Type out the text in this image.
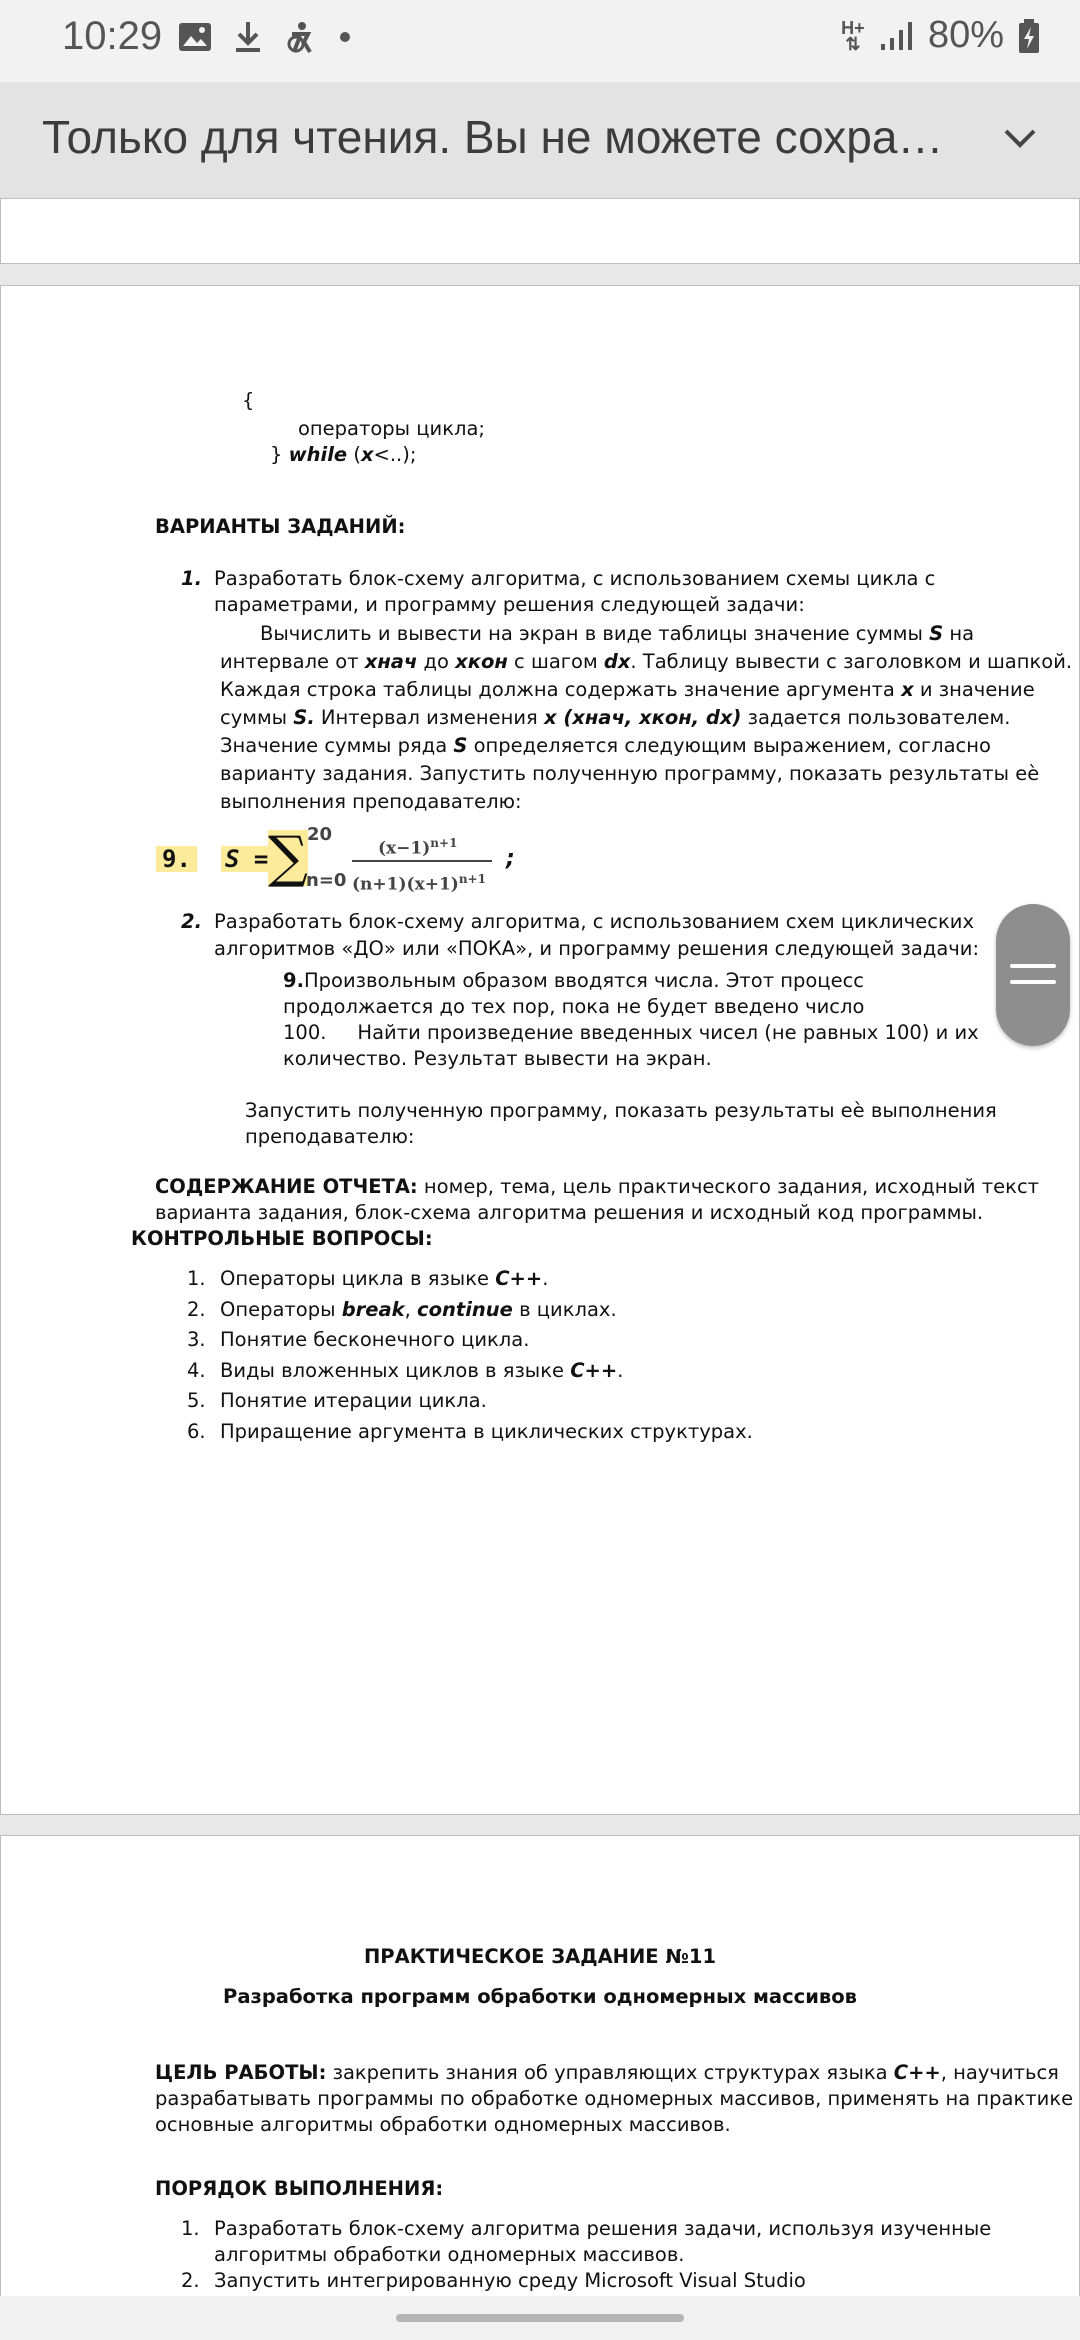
10:29	H+
⇅ 80%
Только для чтения. Вы не можете сохра…
{
операторы цикла;
} while (x<..);
ВАРИАНТЫ ЗАДАНИЙ:
1. Разработать блок-схему алгоритма, с использованием схемы цикла с
параметрами, и программу решения следующей задачи:
Вычислить и вывести на экран в виде таблицы значение суммы S на
интервале от xнач до xкон с шагом dx. Таблицу вывести с заголовком и шапкой.
Каждая строка таблицы должна содержать значение аргумента x и значение
суммы S. Интервал изменения x (xнач, xкон, dx) задается пользователем.
Значение суммы ряда S определяется следующим выражением, согласно
варианту задания. Запустить полученную программу, показать результаты еѐ
выполнения преподавателю:
9. S = ∑ 20
n=0
$(x-1)^{n+1}$
$(n+1)(x+1)^{n+1}$
;
2. Разработать блок-схему алгоритма, с использованием схем циклических
алгоритмов «ДО» или «ПОКА», и программу решения следующей задачи:
9.Произвольным образом вводятся числа. Этот процесс
продолжается до тех пор, пока не будет введено число
100. Найти произведение введенных чисел (не равных 100) и их
количество. Результат вывести на экран.
Запустить полученную программу, показать результаты еѐ выполнения
преподавателю:
СОДЕРЖАНИЕ ОТЧЕТА: номер, тема, цель практического задания, исходный текст
варианта задания, блок-схема алгоритма решения и исходный код программы.
КОНТРОЛЬНЫЕ ВОПРОСЫ:
1. Операторы цикла в языке C++.
2. Операторы break, continue в циклах.
3. Понятие бесконечного цикла.
4. Виды вложенных циклов в языке C++.
5. Понятие итерации цикла.
6. Приращение аргумента в циклических структурах.
ПРАКТИЧЕСКОЕ ЗАДАНИЕ №11
Разработка программ обработки одномерных массивов
ЦЕЛЬ РАБОТЫ: закрепить знания об управляющих структурах языка C++, научиться
разрабатывать программы по обработке одномерных массивов, применять на практике
основные алгоритмы обработки одномерных массивов.
ПОРЯДОК ВЫПОЛНЕНИЯ:
1. Разработать блок-схему алгоритма решения задачи, используя изученные
алгоритмы обработки одномерных массивов.
2. Запустить интегрированную среду Microsoft Visual Studio
